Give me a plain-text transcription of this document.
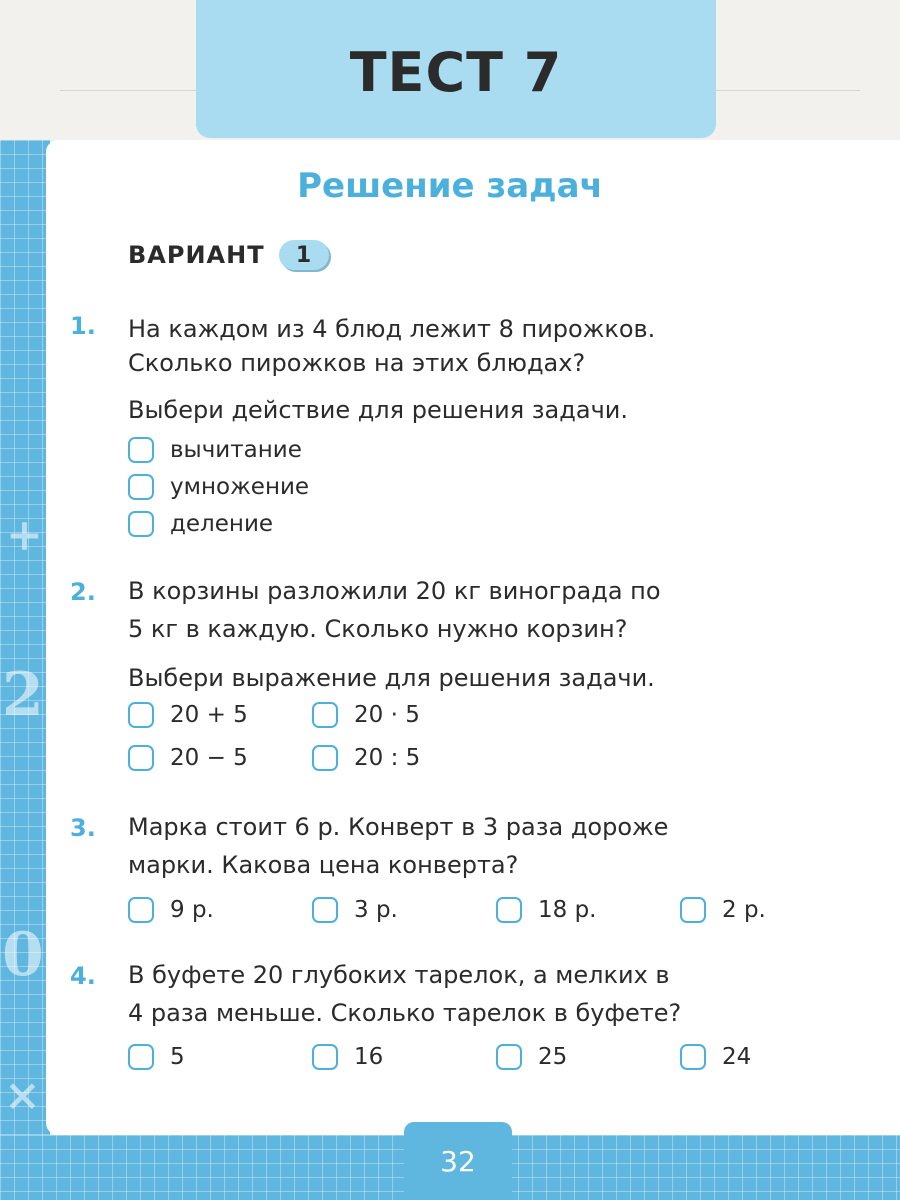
+
2
0
×
ТЕСТ 7
Решение задач
ВАРИАНТ	1
1. На каждом из 4 блюд лежит 8 пирожков.
Сколько пирожков на этих блюдах?
Выбери действие для решения задачи.
вычитание
умножение
деление
2. В корзины разложили 20 кг винограда по
5 кг в каждую. Сколько нужно корзин?
Выбери выражение для решения задачи.
20 + 5	20 · 5
20 − 5	20 : 5
3. Марка стоит 6 р. Конверт в 3 раза дороже
марки. Какова цена конверта?
9 р.	3 р.	18 р.	2 р.
4. В буфете 20 глубоких тарелок, а мелких в
4 раза меньше. Сколько тарелок в буфете?
5	16	25	24
32
